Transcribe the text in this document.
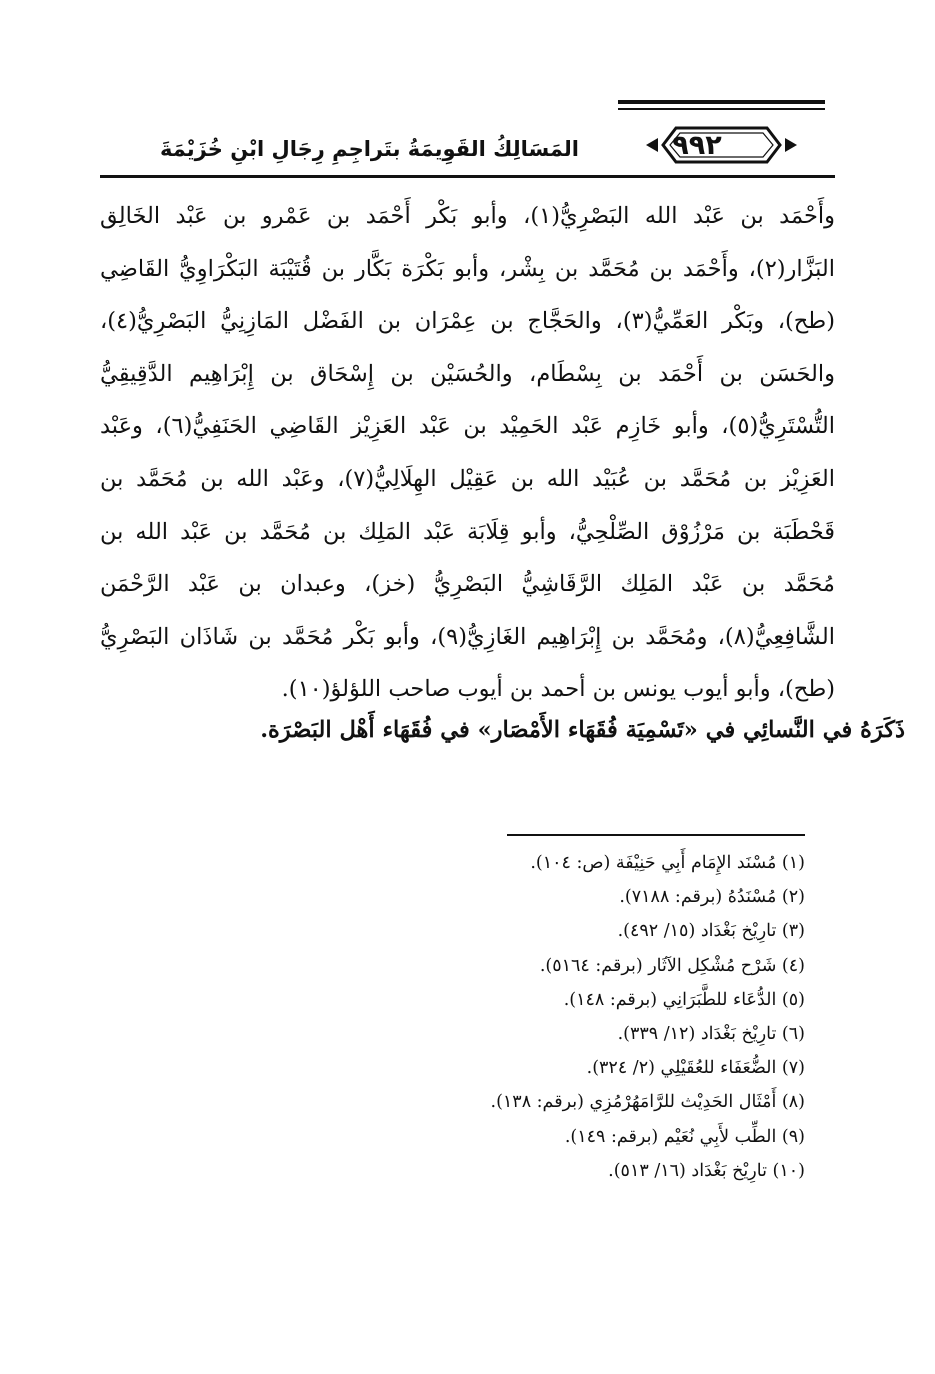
٩٩٢
المَسَالِكُ القَوِيمَةُ بتَراجِمِ رِجَالِ ابْنِ خُزَيْمَةَ
وأَحْمَد بن عَبْد الله البَصْرِيُّ(١)، وأبو بَكْر أَحْمَد بن عَمْرو بن عَبْد الخَالِق
البَزَّار(٢)، وأَحْمَد بن مُحَمَّد بن بِشْر، وأبو بَكْرَة بَكَّار بن قُتَيْبَة البَكْرَاوِيُّ القَاضِي
(طح)، وبَكْر العَمِّيُّ(٣)، والحَجَّاج بن عِمْرَان بن الفَضْل المَازِنِيُّ البَصْرِيُّ(٤)،
والحَسَن بن أَحْمَد بن بِسْطَام، والحُسَيْن بن إِسْحَاق بن إِبْرَاهِيم الدَّقِيقِيُّ
التُّسْتَرِيُّ(٥)، وأبو خَازِم عَبْد الحَمِيْد بن عَبْد العَزِيْز القَاضِي الحَنَفِيُّ(٦)، وعَبْد
العَزِيْز بن مُحَمَّد بن عُبَيْد الله بن عَقِيْل الهِلَالِيُّ(٧)، وعَبْد الله بن مُحَمَّد بن
قَحْطَبَة بن مَرْزُوْق الصِّلْحِيُّ، وأبو قِلَابَة عَبْد المَلِك بن مُحَمَّد بن عَبْد الله بن
مُحَمَّد بن عَبْد المَلِك الرَّقَاشِيُّ البَصْرِيُّ (خز)، وعبدان بن عَبْد الرَّحْمَن
الشَّافِعِيُّ(٨)، ومُحَمَّد بن إِبْرَاهِيم الغَازِيُّ(٩)، وأبو بَكْر مُحَمَّد بن شَاذَان البَصْرِيُّ
(طح)، وأبو أيوب يونس بن أحمد بن أيوب صاحب اللؤلؤ(١٠).
ذَكَرَهُ في النَّسائِي في «تَسْمِيَة فُقَهَاء الأَمْصَار» في فُقَهَاء أَهْل البَصْرَة.
(١) مُسْنَد الإِمَام أَبِي حَنِيْفَة (ص: ١٠٤).
(٢) مُسْنَدُهُ (برقم: ٧١٨٨).
(٣) تارِيْخ بَغْدَاد (١٥/ ٤٩٢).
(٤) شَرْح مُشْكِل الآثَار (برقم: ٥١٦٤).
(٥) الدُّعَاء للطَّبَرَانِي (برقم: ١٤٨).
(٦) تارِيْخ بَغْدَاد (١٢/ ٣٣٩).
(٧) الضُّعَفَاء للعُقَيْلِي (٢/ ٣٢٤).
(٨) أَمْثَال الحَدِيْث للرَّامَهُرْمُزِي (برقم: ١٣٨).
(٩) الطِّب لأَبِي نُعَيْم (برقم: ١٤٩).
(١٠) تارِيْخ بَغْدَاد (١٦/ ٥١٣).
